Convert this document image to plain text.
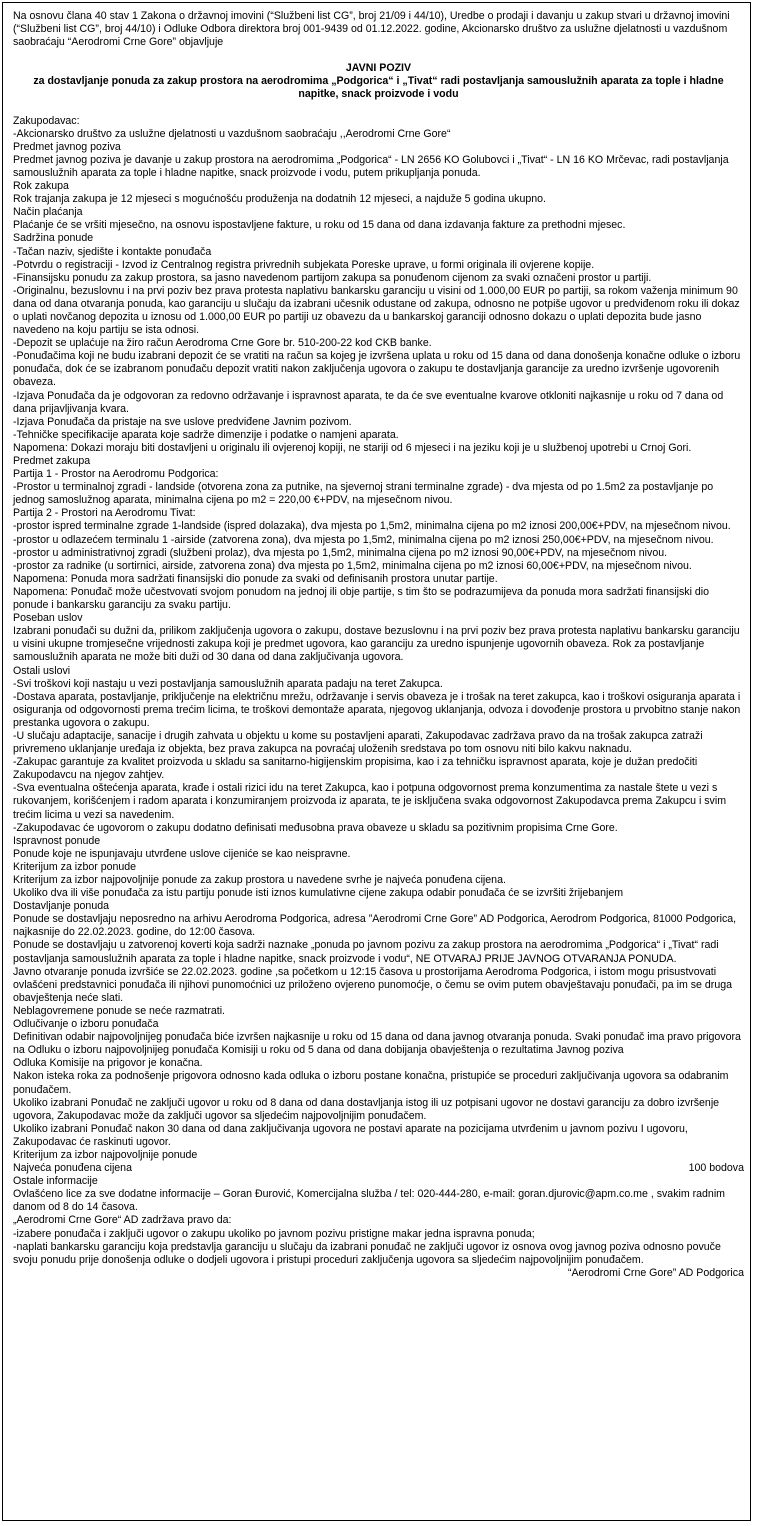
Na osnovu člana 40 stav 1 Zakona o državnoj imovini (“Službeni list CG”, broj 21/09 i 44/10), Uredbe o prodaji i davanju u zakup stvari u državnoj imovini (“Službeni list CG”, broj 44/10) i Odluke Odbora direktora broj 001-9439 od 01.12.2022. godine, Akcionarsko društvo za uslužne djelatnosti u vazdušnom saobraćaju “Aerodromi Crne Gore” objavljuje

JAVNI POZIV

za dostavljanje ponuda za zakup prostora na aerodromima „Podgorica“ i „Tivat“ radi postavljanja samouslužnih aparata za tople i hladne napitke, snack proizvode i vodu

Zakupodavac:

-Akcionarsko društvo za uslužne djelatnosti u vazdušnom saobraćaju ,,Aerodromi Crne Gore“

Predmet javnog poziva

Predmet javnog poziva je davanje u zakup prostora na aerodromima „Podgorica“ - LN 2656 KO Golubovci i „Tivat“ - LN 16 KO Mrčevac, radi postavljanja samouslužnih aparata za tople i hladne napitke, snack proizvode i vodu, putem prikupljanja ponuda.

Rok zakupa

Rok trajanja zakupa je 12 mjeseci s mogućnošću produženja na dodatnih 12 mjeseci, a najduže 5 godina ukupno.

Način plaćanja

Plaćanje će se vršiti mjesečno, na osnovu ispostavljene fakture, u roku od 15 dana od dana izdavanja fakture za prethodni mjesec.

Sadržina ponude

-Tačan naziv, sjedište i kontakte ponuđača

-Potvrdu o registraciji - Izvod iz Centralnog registra privrednih subjekata Poreske uprave, u formi originala ili ovjerene kopije.

-Finansijsku ponudu za zakup prostora, sa jasno navedenom partijom zakupa sa ponuđenom cijenom za svaki označeni prostor u partiji.

-Originalnu, bezuslovnu i na prvi poziv bez prava protesta naplativu bankarsku garanciju u visini od 1.000,00 EUR po partiji, sa rokom važenja minimum 90 dana od dana otvaranja ponuda, kao garanciju u slučaju da izabrani učesnik odustane od zakupa, odnosno ne potpiše ugovor u predviđenom roku ili dokaz o uplati novčanog depozita u iznosu od 1.000,00 EUR po partiji uz obavezu da u bankarskoj garanciji odnosno dokazu o uplati depozita bude jasno navedeno na koju partiju se ista odnosi.

-Depozit se uplaćuje na žiro račun Aerodroma Crne Gore br. 510-200-22 kod CKB banke.

-Ponuđačima koji ne budu izabrani depozit će se vratiti na račun sa kojeg je izvršena uplata u roku od 15 dana od dana donošenja konačne odluke o izboru ponuđača, dok će se izabranom ponuđaču depozit vratiti nakon zaključenja ugovora o zakupu te dostavljanja garancije za uredno izvršenje ugovorenih obaveza.

-Izjava Ponuđača da je odgovoran za redovno održavanje i ispravnost aparata, te da će sve eventualne kvarove otkloniti najkasnije u roku od 7 dana od dana prijavljivanja kvara.

-Izjava Ponuđača da pristaje na sve uslove predviđene Javnim pozivom.

-Tehničke specifikacije aparata koje sadrže dimenzije i podatke o namjeni aparata.

Napomena: Dokazi moraju biti dostavljeni u originalu ili ovjerenoj kopiji, ne stariji od 6 mjeseci i na jeziku koji je u službenoj upotrebi u Crnoj Gori.

Predmet zakupa

Partija 1 - Prostor na Aerodromu Podgorica:

-Prostor u terminalnoj zgradi - landside (otvorena zona za putnike, na sjevernoj strani terminalne zgrade) - dva mjesta od po 1.5m2 za postavljanje po jednog samoslužnog aparata, minimalna cijena po m2 = 220,00 €+PDV, na mjesečnom nivou.

Partija 2 - Prostori na Aerodromu Tivat:

-prostor ispred terminalne zgrade 1-landside (ispred dolazaka), dva mjesta po 1,5m2, minimalna cijena po m2 iznosi 200,00€+PDV, na mjesečnom nivou.

-prostor u odlazećem terminalu 1 -airside (zatvorena zona), dva mjesta po 1,5m2, minimalna cijena po m2 iznosi 250,00€+PDV, na mjesečnom nivou.

-prostor u administrativnoj zgradi (službeni prolaz), dva mjesta po 1,5m2, minimalna cijena po m2 iznosi 90,00€+PDV, na mjesečnom nivou.

-prostor za radnike (u sortirnici, airside, zatvorena zona) dva mjesta po 1,5m2, minimalna cijena po m2 iznosi 60,00€+PDV, na mjesečnom nivou.

Napomena: Ponuda mora sadržati finansijski dio ponude za svaki od definisanih prostora unutar partije.

Napomena: Ponuđač može učestvovati svojom ponudom na jednoj ili obje partije, s tim što se podrazumijeva da ponuda mora sadržati finansijski dio ponude i bankarsku garanciju za svaku partiju.

Poseban uslov

Izabrani ponuđači su dužni da, prilikom zaključenja ugovora o zakupu, dostave bezuslovnu i na prvi poziv bez prava protesta naplativu bankarsku garanciju u visini ukupne tromjesečne vrijednosti zakupa koji je predmet ugovora, kao garanciju za uredno ispunjenje ugovornih obaveza. Rok za postavljanje samouslužnih aparata ne može biti duži od 30 dana od dana zaključivanja ugovora.

Ostali uslovi

-Svi troškovi koji nastaju u vezi postavljanja samouslužnih aparata padaju na teret Zakupca.

-Dostava aparata, postavljanje, priključenje na električnu mrežu, održavanje i servis obaveza je i trošak na teret zakupca, kao i troškovi osiguranja aparata i osiguranja od odgovornosti prema trećim licima, te troškovi demontaže aparata, njegovog uklanjanja, odvoza i dovođenje prostora u prvobitno stanje nakon prestanka ugovora o zakupu.

-U slučaju adaptacije, sanacije i drugih zahvata u objektu u kome su postavljeni aparati, Zakupodavac zadržava pravo da na trošak zakupca zatraži privremeno uklanjanje uređaja iz objekta, bez prava zakupca na povraćaj uloženih sredstava po tom osnovu niti bilo kakvu naknadu.

-Zakupac garantuje za kvalitet proizvoda u skladu sa sanitarno-higijenskim propisima, kao i za tehničku ispravnost aparata, koje je dužan predočiti Zakupodavcu na njegov zahtjev.

-Sva eventualna oštećenja aparata, krađe i ostali rizici idu na teret Zakupca, kao i potpuna odgovornost prema konzumentima za nastale štete u vezi s rukovanjem, korišćenjem i radom aparata i konzumiranjem proizvoda iz aparata, te je isključena svaka odgovornost Zakupodavca prema Zakupcu i svim trećim licima u vezi sa navedenim.

-Zakupodavac će ugovorom o zakupu dodatno definisati međusobna prava obaveze u skladu sa pozitivnim propisima Crne Gore.

Ispravnost ponude

Ponude koje ne ispunjavaju utvrđene uslove cijeniće se kao neispravne.

Kriterijum za izbor ponude

Kriterijum za izbor najpovoljnije ponude za zakup prostora u navedene svrhe je najveća ponuđena cijena.

Ukoliko dva ili više ponuđača za istu partiju ponude isti iznos kumulativne cijene zakupa odabir ponuđača će se izvršiti žrijebanjem

Dostavljanje ponuda

Ponude se dostavljaju neposredno na arhivu Aerodroma Podgorica, adresa ”Aerodromi Crne Gore” AD Podgorica, Aerodrom Podgorica, 81000 Podgorica, najkasnije do 22.02.2023. godine, do 12:00 časova.

Ponude se dostavljaju u zatvorenoj koverti koja sadrži naznake „ponuda po javnom pozivu za zakup prostora na aerodromima „Podgorica“ i „Tivat“ radi postavljanja samouslužnih aparata za tople i hladne napitke, snack proizvode i vodu“, NE OTVARAJ PRIJE JAVNOG OTVARANJA PONUDA.

Javno otvaranje ponuda izvršiće se 22.02.2023. godine ,sa početkom u 12:15 časova u prostorijama Aerodroma Podgorica, i istom mogu prisustvovati ovlašćeni predstavnici ponuđača ili njihovi punomoćnici uz priloženo ovjereno punomoćje, o čemu se ovim putem obavještavaju ponuđači, pa im se druga obavještenja neće slati.

Neblagovremene ponude se neće razmatrati.

Odlučivanje o izboru ponuđača

Definitivan odabir najpovoljnijeg ponuđača biće izvršen najkasnije u roku od 15 dana od dana javnog otvaranja ponuda. Svaki ponuđač ima pravo prigovora na Odluku o izboru najpovoljnijeg ponuđača Komisiji u roku od 5 dana od dana dobijanja obavještenja o rezultatima Javnog poziva

Odluka Komisije na prigovor je konačna.

Nakon isteka roka za podnošenje prigovora odnosno kada odluka o izboru postane konačna, pristupiće se proceduri zaključivanja ugovora sa odabranim ponuđačem.

Ukoliko izabrani Ponuđač ne zaključi ugovor u roku od 8 dana od dana dostavljanja istog ili uz potpisani ugovor ne dostavi garanciju za dobro izvršenje ugovora, Zakupodavac može da zaključi ugovor sa sljedećim najpovoljnijim ponuđačem.

Ukoliko izabrani Ponuđač nakon 30 dana od dana zaključivanja ugovora ne postavi aparate na pozicijama utvrđenim u javnom pozivu I ugovoru, Zakupodavac će raskinuti ugovor.

Kriterijum za izbor najpovoljnije ponude

Najveća ponuđena cijena	100 bodova

Ostale informacije

Ovlašćeno lice za sve dodatne informacije – Goran Đurović, Komercijalna služba / tel: 020-444-280, e-mail: goran.djurovic@apm.co.me , svakim radnim danom od 8 do 14 časova.

„Aerodromi Crne Gore“ AD zadržava pravo da:

-izabere ponuđača i zaključi ugovor o zakupu ukoliko po javnom pozivu pristigne makar jedna ispravna ponuda;

-naplati bankarsku garanciju koja predstavlja garanciju u slučaju da izabrani ponuđač ne zaključi ugovor iz osnova ovog javnog poziva odnosno povuče svoju ponudu prije donošenja odluke o dodjeli ugovora i pristupi proceduri zaključenja ugovora sa sljedećim najpovoljnijim ponuđačem.

“Aerodromi Crne Gore” AD Podgorica
